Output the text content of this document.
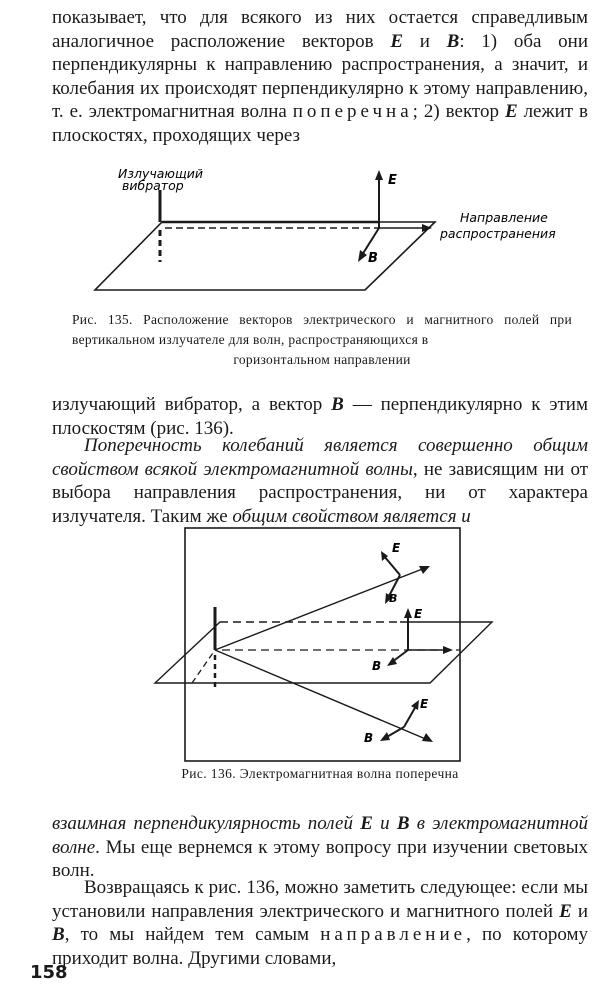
показывает, что для всякого из них остается справедливым аналогичное расположение векторов E и B: 1) оба они перпендикулярны к направлению распространения, а значит, и колебания их происходят перпендикулярно к этому направлению, т. е. электромагнитная волна поперечна; 2) вектор E лежит в плоскостях, проходящих через

E
B
Излучающий
вибратор
Направление
распространения

Рис. 135. Расположение векторов электрического и магнитного полей при вертикальном излучателе для волн, распространяющихся в
горизонтальном направлении

излучающий вибратор, а вектор B — перпендикулярно к этим плоскостям (рис. 136).

Поперечность колебаний является совершенно общим свойством всякой электромагнитной волны, не зависящим ни от выбора направления распространения, ни от характера излучателя. Таким же общим свойством является и

E
B
E
B
E
B

Рис. 136. Электромагнитная волна поперечна

взаимная перпендикулярность полей E и B в электромагнитной волне. Мы еще вернемся к этому вопросу при изучении световых волн.

Возвращаясь к рис. 136, можно заметить следующее: если мы установили направления электрического и магнитного полей E и B, то мы найдем тем самым направление, по которому приходит волна. Другими словами,

158
